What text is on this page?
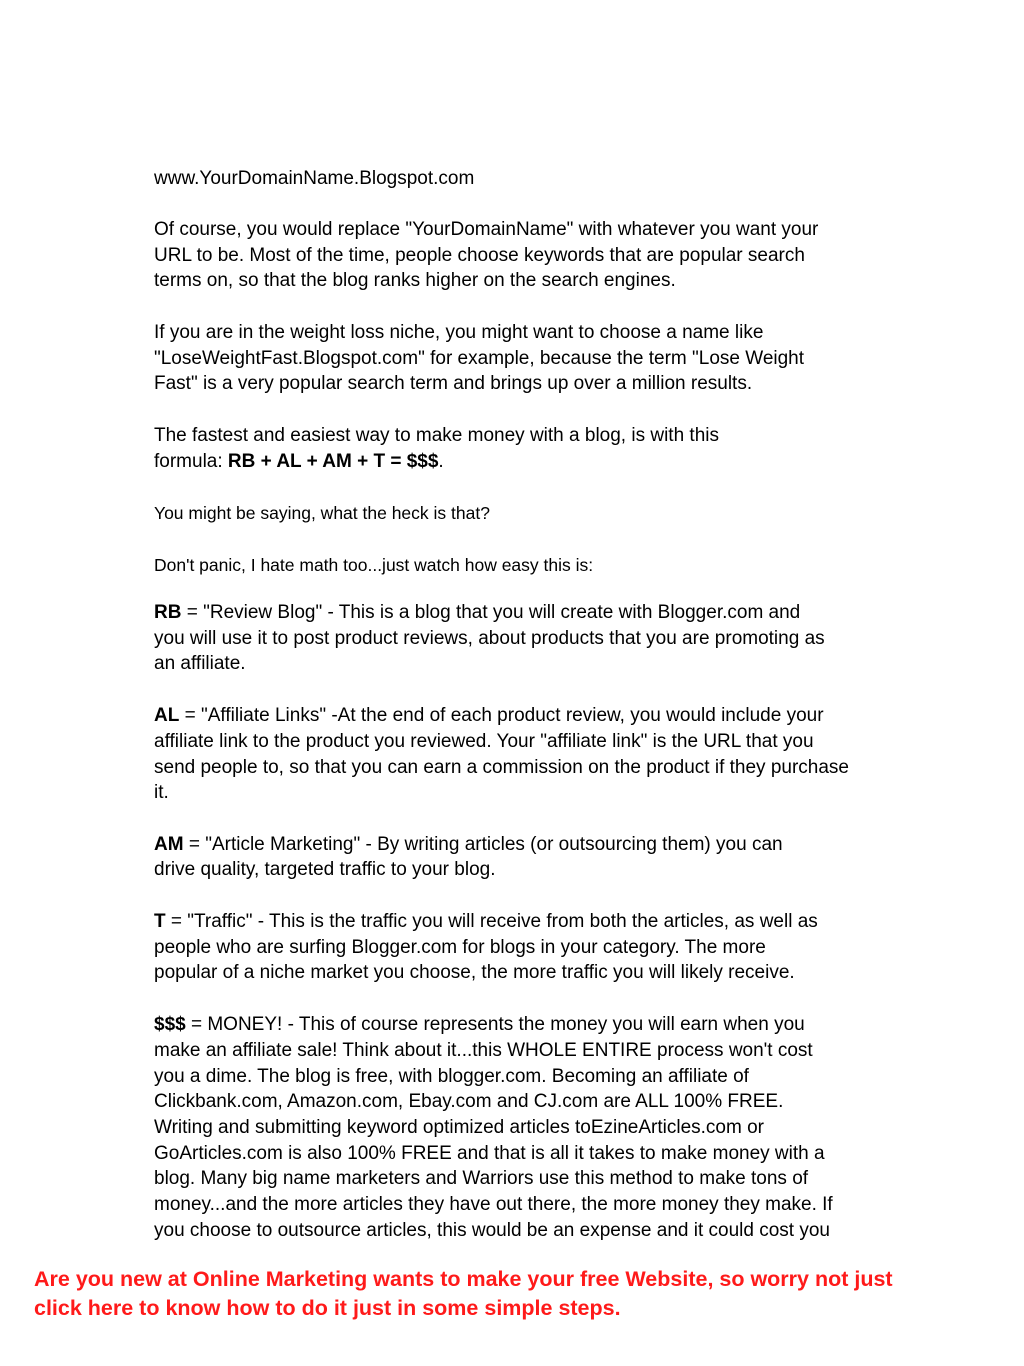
www.YourDomainName.Blogspot.com
Of course, you would replace "YourDomainName" with whatever you want your
URL to be. Most of the time, people choose keywords that are popular search
terms on, so that the blog ranks higher on the search engines.
If you are in the weight loss niche, you might want to choose a name like
"LoseWeightFast.Blogspot.com" for example, because the term "Lose Weight
Fast" is a very popular search term and brings up over a million results.
The fastest and easiest way to make money with a blog, is with this
formula: RB + AL + AM + T = $$$.
You might be saying, what the heck is that?
Don't panic, I hate math too...just watch how easy this is:
RB = "Review Blog" - This is a blog that you will create with Blogger.com and
you will use it to post product reviews, about products that you are promoting as
an affiliate.
AL = "Affiliate Links" -At the end of each product review, you would include your
affiliate link to the product you reviewed. Your "affiliate link" is the URL that you
send people to, so that you can earn a commission on the product if they purchase
it.
AM = "Article Marketing" - By writing articles (or outsourcing them) you can
drive quality, targeted traffic to your blog.
T = "Traffic" - This is the traffic you will receive from both the articles, as well as
people who are surfing Blogger.com for blogs in your category. The more
popular of a niche market you choose, the more traffic you will likely receive.
$$$ = MONEY! - This of course represents the money you will earn when you
make an affiliate sale! Think about it...this WHOLE ENTIRE process won't cost
you a dime. The blog is free, with blogger.com. Becoming an affiliate of
Clickbank.com, Amazon.com, Ebay.com and CJ.com are ALL 100% FREE.
Writing and submitting keyword optimized articles toEzineArticles.com or
GoArticles.com is also 100% FREE and that is all it takes to make money with a
blog. Many big name marketers and Warriors use this method to make tons of
money...and the more articles they have out there, the more money they make. If
you choose to outsource articles, this would be an expense and it could cost you
Are you new at Online Marketing wants to make your free Website, so worry not just
click here to know how to do it just in some simple steps.
